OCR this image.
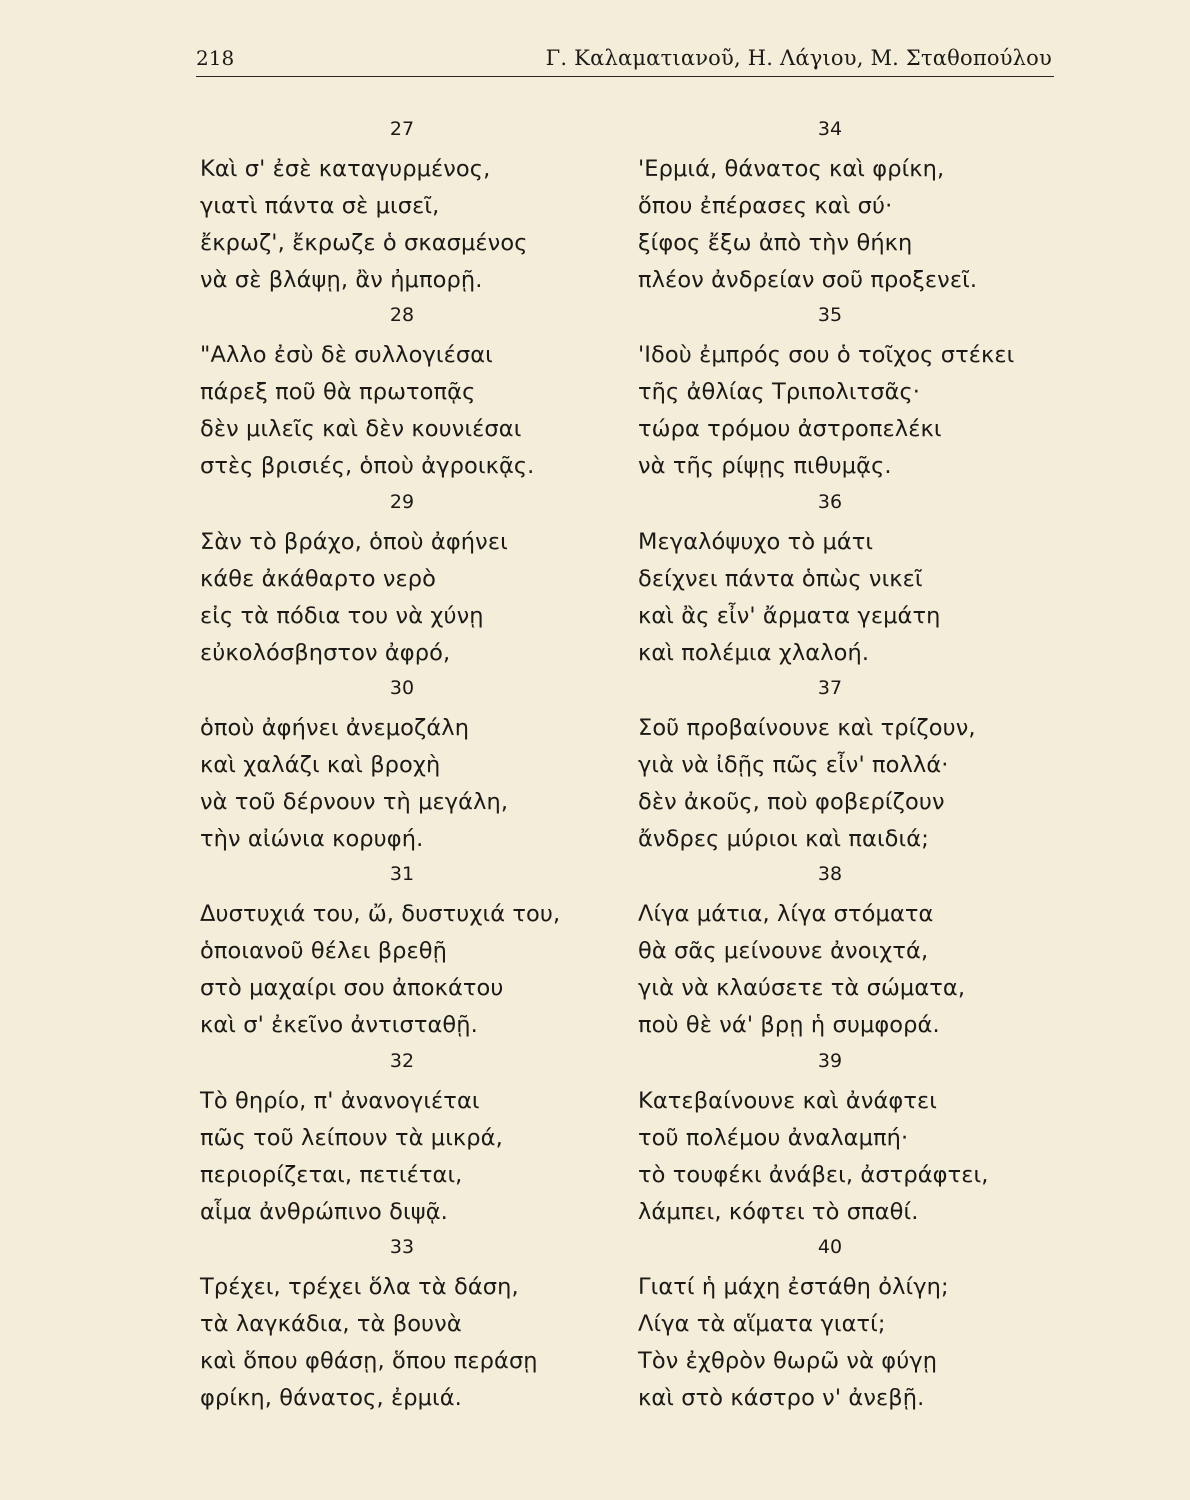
218	Γ. Καλαματιανοῦ, Η. Λάγιου, Μ. Σταθοπούλου
27
Καὶ σ' ἐσὲ καταγυρμένος,
γιατὶ πάντα σὲ μισεῖ,
ἔκρωζ', ἔκρωζε ὁ σκασμένος
νὰ σὲ βλάψῃ, ἂν ἠμπορῇ.
28
"Αλλο ἐσὺ δὲ συλλογιέσαι
πάρεξ ποῦ θὰ πρωτοπᾷς
δὲν μιλεῖς καὶ δὲν κουνιέσαι
στὲς βρισιές, ὁποὺ ἀγροικᾷς.
29
Σὰν τὸ βράχο, ὁποὺ ἀφήνει
κάθε ἀκάθαρτο νερὸ
εἰς τὰ πόδια του νὰ χύνῃ
εὐκολόσβηστον ἀφρό,
30
ὁποὺ ἀφήνει ἀνεμοζάλη
καὶ χαλάζι καὶ βροχὴ
νὰ τοῦ δέρνουν τὴ μεγάλη,
τὴν αἰώνια κορυφή.
31
Δυστυχιά του, ὤ, δυστυχιά του,
ὁποιανοῦ θέλει βρεθῇ
στὸ μαχαίρι σου ἀποκάτου
καὶ σ' ἐκεῖνο ἀντισταθῇ.
32
Τὸ θηρίο, π' ἀνανογιέται
πῶς τοῦ λείπουν τὰ μικρά,
περιορίζεται, πετιέται,
αἷμα ἀνθρώπινο διψᾷ.
33
Τρέχει, τρέχει ὅλα τὰ δάση,
τὰ λαγκάδια, τὰ βουνὰ
καὶ ὅπου φθάσῃ, ὅπου περάσῃ
φρίκη, θάνατος, ἐρμιά.
34
'Ερμιά, θάνατος καὶ φρίκη,
ὅπου ἐπέρασες καὶ σύ·
ξίφος ἔξω ἀπὸ τὴν θήκη
πλέον ἀνδρείαν σοῦ προξενεῖ.
35
'Ιδοὺ ἐμπρός σου ὁ τοῖχος στέκει
τῆς ἀθλίας Τριπολιτσᾶς·
τώρα τρόμου ἀστροπελέκι
νὰ τῆς ρίψῃς πιθυμᾷς.
36
Μεγαλόψυχο τὸ μάτι
δείχνει πάντα ὁπὼς νικεῖ
καὶ ἂς εἶν' ἄρματα γεμάτη
καὶ πολέμια χλαλοή.
37
Σοῦ προβαίνουνε καὶ τρίζουν,
γιὰ νὰ ἰδῇς πῶς εἶν' πολλά·
δὲν ἀκοῦς, ποὺ φοβερίζουν
ἄνδρες μύριοι καὶ παιδιά;
38
Λίγα μάτια, λίγα στόματα
θὰ σᾶς μείνουνε ἀνοιχτά,
γιὰ νὰ κλαύσετε τὰ σώματα,
ποὺ θὲ νά' βρῃ ἡ συμφορά.
39
Κατεβαίνουνε καὶ ἀνάφτει
τοῦ πολέμου ἀναλαμπή·
τὸ τουφέκι ἀνάβει, ἀστράφτει,
λάμπει, κόφτει τὸ σπαθί.
40
Γιατί ἡ μάχη ἐστάθη ὀλίγη;
Λίγα τὰ αἵματα γιατί;
Τὸν ἐχθρὸν θωρῶ νὰ φύγῃ
καὶ στὸ κάστρο ν' ἀνεβῇ.
